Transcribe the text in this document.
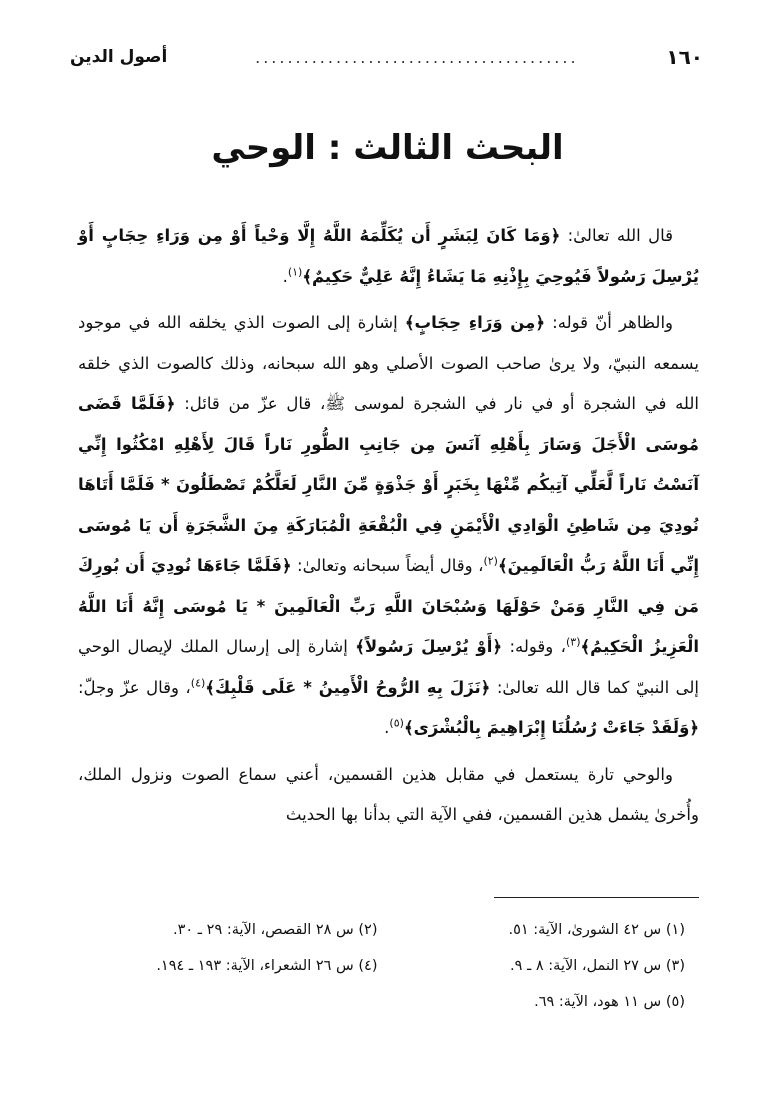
١٦٠
........................................
أصول الدين
البحث الثالث : الوحي

قال الله تعالىٰ: ﴿وَمَا كَانَ لِبَشَرٍ أَن يُكَلِّمَهُ اللَّهُ إِلَّا وَحْياً أَوْ مِن وَرَاءِ حِجَابٍ أَوْ يُرْسِلَ رَسُولاً فَيُوحِيَ بِإِذْنِهِ مَا يَشَاءُ إِنَّهُ عَلِيٌّ حَكِيمٌ﴾$^{(١)}$.

والظاهر أنّ قوله: ﴿مِن وَرَاءِ حِجَابٍ﴾ إشارة إلى الصوت الذي يخلقه الله في موجود يسمعه النبيّ، ولا يرىٰ صاحب الصوت الأصلي وهو الله سبحانه، وذلك كالصوت الذي خلقه الله في الشجرة أو في نار في الشجرة لموسى ﷺ، قال عزّ من قائل: ﴿فَلَمَّا قَضَى مُوسَى الْأَجَلَ وَسَارَ بِأَهْلِهِ آنَسَ مِن جَانِبِ الطُّورِ نَاراً قَالَ لِأَهْلِهِ امْكُثُوا إِنِّي آنَسْتُ نَاراً لَّعَلِّي آتِيكُم مِّنْهَا بِخَبَرٍ أَوْ جَذْوَةٍ مِّنَ النَّارِ لَعَلَّكُمْ تَصْطَلُونَ * فَلَمَّا أَتَاهَا نُودِيَ مِن شَاطِئِ الْوَادِي الْأَيْمَنِ فِي الْبُقْعَةِ الْمُبَارَكَةِ مِنَ الشَّجَرَةِ أَن يَا مُوسَى إِنِّي أَنَا اللَّهُ رَبُّ الْعَالَمِينَ﴾$^{(٢)}$، وقال أيضاً سبحانه وتعالىٰ: ﴿فَلَمَّا جَاءَهَا نُودِيَ أَن بُورِكَ مَن فِي النَّارِ وَمَنْ حَوْلَهَا وَسُبْحَانَ اللَّهِ رَبِّ الْعَالَمِينَ * يَا مُوسَى إِنَّهُ أَنَا اللَّهُ الْعَزِيزُ الْحَكِيمُ﴾$^{(٣)}$، وقوله: ﴿أَوْ يُرْسِلَ رَسُولاً﴾ إشارة إلى إرسال الملك لإيصال الوحي إلى النبيّ كما قال الله تعالىٰ: ﴿نَزَلَ بِهِ الرُّوحُ الْأَمِينُ * عَلَى قَلْبِكَ﴾$^{(٤)}$، وقال عزّ وجلّ: ﴿وَلَقَدْ جَاءَتْ رُسُلُنَا إِبْرَاهِيمَ بِالْبُشْرَى﴾$^{(٥)}$.

والوحي تارة يستعمل في مقابل هذين القسمين، أعني سماع الصوت ونزول الملك، وأُخرىٰ يشمل هذين القسمين، ففي الآية التي بدأنا بها الحديث

(١) س ٤٢ الشورىٰ، الآية: ٥١.
(٢) س ٢٨ القصص، الآية: ٢٩ ـ ٣٠.
(٣) س ٢٧ النمل، الآية: ٨ ـ ٩.
(٤) س ٢٦ الشعراء، الآية: ١٩٣ ـ ١٩٤.
(٥) س ١١ هود، الآية: ٦٩.
